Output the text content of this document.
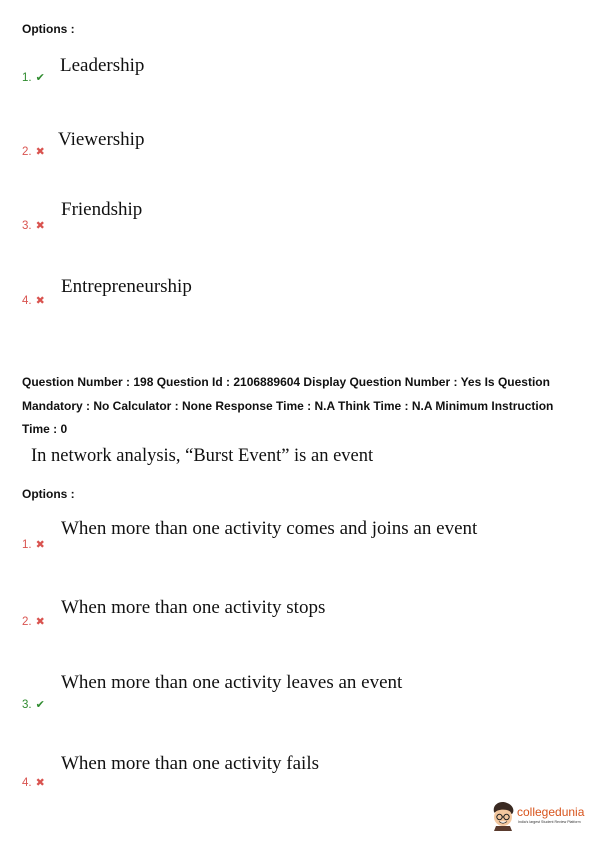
Options :
1. ✔
Leadership
2. ✖
Viewership
3. ✖
Friendship
4. ✖
Entrepreneurship
Question Number : 198 Question Id : 2106889604 Display Question Number : Yes Is Question
Mandatory : No Calculator : None Response Time : N.A Think Time : N.A Minimum Instruction
Time : 0
In network analysis, “Burst Event” is an event
Options :
1. ✖
When more than one activity comes and joins an event
2. ✖
When more than one activity stops
3. ✔
When more than one activity leaves an event
4. ✖
When more than one activity fails
collegedunia
India's largest Student Review Platform
